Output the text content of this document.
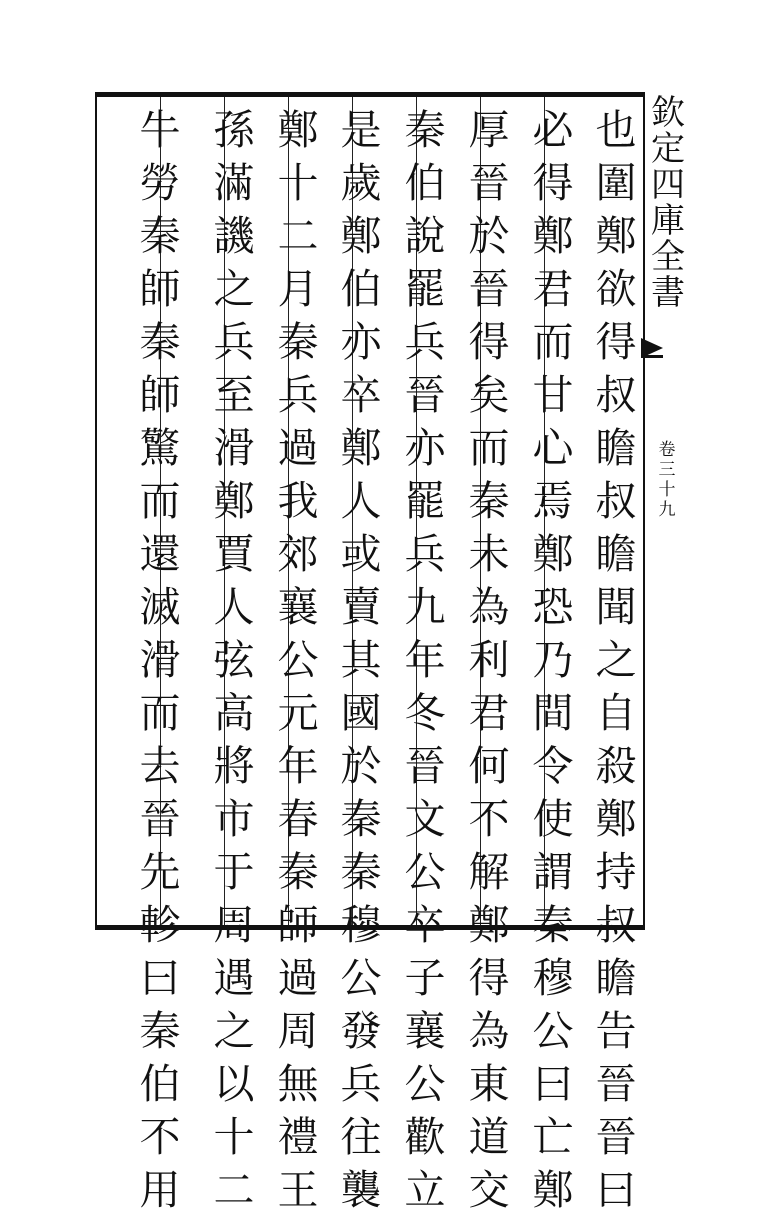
欽
定
四
庫
全
書
卷
三
十
九
也
圍
鄭
欲
得
叔
瞻
叔
瞻
聞
之
自
殺
鄭
持
叔
瞻
告
晉
晉
曰
必
得
鄭
君
而
甘
心
焉
鄭
恐
乃
間
令
使
謂
秦
穆
公
曰
亡
鄭
厚
晉
於
晉
得
矣
而
秦
未
為
利
君
何
不
解
鄭
得
為
東
道
交
秦
伯
說
罷
兵
晉
亦
罷
兵
九
年
冬
晉
文
公
卒
子
襄
公
歡
立
是
歲
鄭
伯
亦
卒
鄭
人
或
賣
其
國
於
秦
秦
穆
公
發
兵
往
襲
鄭
十
二
月
秦
兵
過
我
郊
襄
公
元
年
春
秦
師
過
周
無
禮
王
孫
滿
譏
之
兵
至
滑
鄭
賈
人
弦
高
將
市
于
周
遇
之
以
十
二
牛
勞
秦
師
秦
師
驚
而
還
滅
滑
而
去
晉
先
軫
曰
秦
伯
不
用
